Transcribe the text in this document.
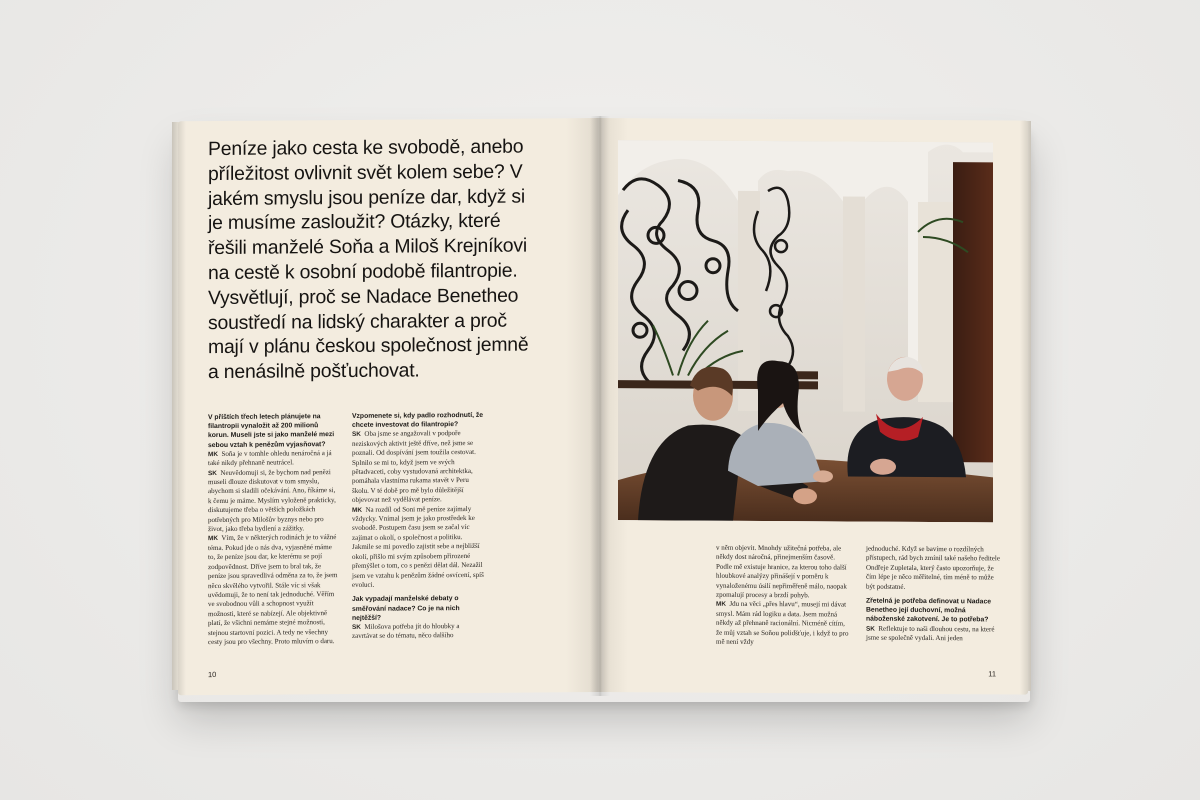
Peníze jako cesta ke svobodě, anebo příležitost ovlivnit svět kolem sebe? V jakém smyslu jsou peníze dar, když si je musíme zasloužit? Otázky, které řešili manželé Soňa a Miloš Krejníkovi na cestě k osobní podobě filantropie. Vysvětlují, proč se Nadace Benetheo soustředí na lidský charakter a proč mají v plánu českou společnost jemně a nenásilně pošťuchovat.
V příštích třech letech plánujete na filantropii vynaložit až 200 milionů korun. Museli jste si jako manželé mezi sebou vztah k penězům vyjasňovat?
MK Soňa je v tomhle ohledu nenáročná a já také nikdy přehnaně neutrácel.
SK Neuvědomuji si, že bychom nad penězi museli dlouze diskutovat v tom smyslu, abychom si sladili očekávání. Ano, říkáme si, k čemu je máme. Myslím vyloženě prakticky, diskutujeme třeba o větších položkách potřebných pro Milošův byznys nebo pro život, jako třeba bydlení a zážitky.
MK Vím, že v některých rodinách je to vážné téma. Pokud jde o nás dva, vyjasněné máme to, že peníze jsou dar, ke kterému se pojí zodpovědnost. Dříve jsem to bral tak, že peníze jsou spravedlivá odměna za to, že jsem něco skvělého vytvořil. Stále víc si však uvědomuji, že to není tak jednoduché. Věřím ve svobodnou vůli a schopnost využít možnosti, které se nabízejí. Ale objektivně platí, že všichni nemáme stejné možnosti, stejnou startovní pozici. A tedy ne všechny cesty jsou pro všechny. Proto mluvím o daru.
Vzpomenete si, kdy padlo rozhodnutí, že chcete investovat do filantropie?
SK Oba jsme se angažovali v podpoře neziskových aktivit ještě dříve, než jsme se poznali. Od dospívání jsem toužila cestovat. Splnilo se mi to, když jsem ve svých pětadvaceti, coby vystudovaná architektka, pomáhala vlastníma rukama stavět v Peru školu. V té době pro mě bylo důležitější objevovat než vydělávat peníze.
MK Na rozdíl od Soni mě peníze zajímaly vždycky. Vnímal jsem je jako prostředek ke svobodě. Postupem času jsem se začal víc zajímat o okolí, o společnost a politiku. Jakmile se mi povedlo zajistit sebe a nejbližší okolí, přišlo mi svým způsobem přirozené přemýšlet o tom, co s penězi dělat dál. Nezažil jsem ve vztahu k penězům žádné osvícení, spíš evoluci.
Jak vypadají manželské debaty o směřování nadace? Co je na nich nejtěžší?
SK Milošova potřeba jít do hloubky a zavrtávat se do tématu, něco dalšího
10
v něm objevit. Mnohdy užitečná potřeba, ale někdy dost náročná, přinejmenším časově. Podle mě existuje hranice, za kterou toho další hloubkové analýzy přinášejí v poměru k vynaloženému úsilí nepřiměřeně málo, naopak zpomalují procesy a brzdí pohyb.
MK Jdu na věci „přes hlavu“, musejí mi dávat smysl. Mám rád logiku a data. Jsem možná někdy až přehnaně racionální. Nicméně cítím, že můj vztah se Soňou polidšťuje, i když to pro mě není vždy
jednoduché. Když se bavíme o rozdílných přístupech, rád bych zmínil také našeho ředitele Ondřeje Zupletala, který často upozorňuje, že čím lépe je něco měřitelné, tím méně to může být podstatné.
Zřetelná je potřeba definovat u Nadace Benetheo její duchovní, možná náboženské zakotvení. Je to potřeba?
SK Reflektuje to naši dlouhou cestu, na které jsme se společně vydali. Ani jeden
11
